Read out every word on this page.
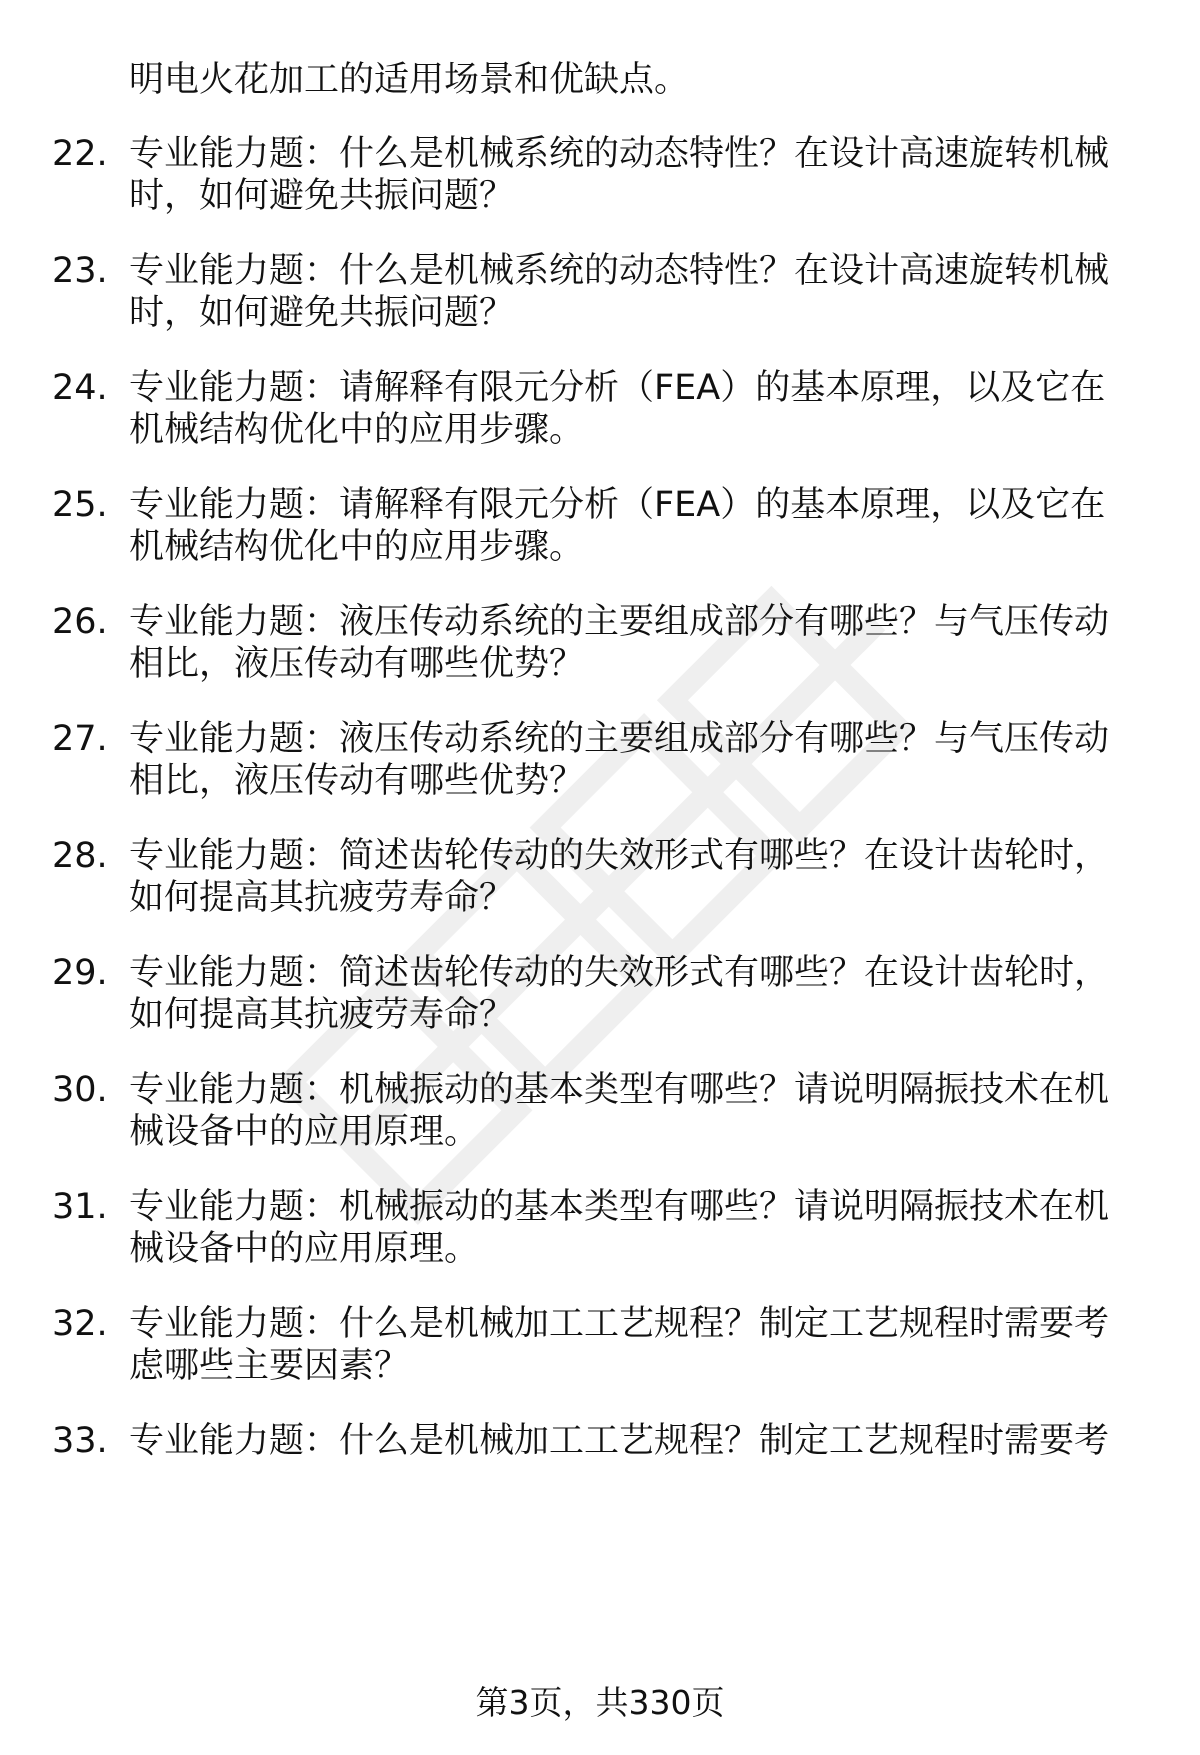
明电火花加工的适用场景和优缺点。
22. 专业能力题：什么是机械系统的动态特性？在设计高速旋转机械
时，如何避免共振问题？
23. 专业能力题：什么是机械系统的动态特性？在设计高速旋转机械
时，如何避免共振问题？
24. 专业能力题：请解释有限元分析（FEA）的基本原理，以及它在
机械结构优化中的应用步骤。
25. 专业能力题：请解释有限元分析（FEA）的基本原理，以及它在
机械结构优化中的应用步骤。
26. 专业能力题：液压传动系统的主要组成部分有哪些？与气压传动
相比，液压传动有哪些优势？
27. 专业能力题：液压传动系统的主要组成部分有哪些？与气压传动
相比，液压传动有哪些优势？
28. 专业能力题：简述齿轮传动的失效形式有哪些？在设计齿轮时，
如何提高其抗疲劳寿命？
29. 专业能力题：简述齿轮传动的失效形式有哪些？在设计齿轮时，
如何提高其抗疲劳寿命？
30. 专业能力题：机械振动的基本类型有哪些？请说明隔振技术在机
械设备中的应用原理。
31. 专业能力题：机械振动的基本类型有哪些？请说明隔振技术在机
械设备中的应用原理。
32. 专业能力题：什么是机械加工工艺规程？制定工艺规程时需要考
虑哪些主要因素？
33. 专业能力题：什么是机械加工工艺规程？制定工艺规程时需要考
第3页，共330页
